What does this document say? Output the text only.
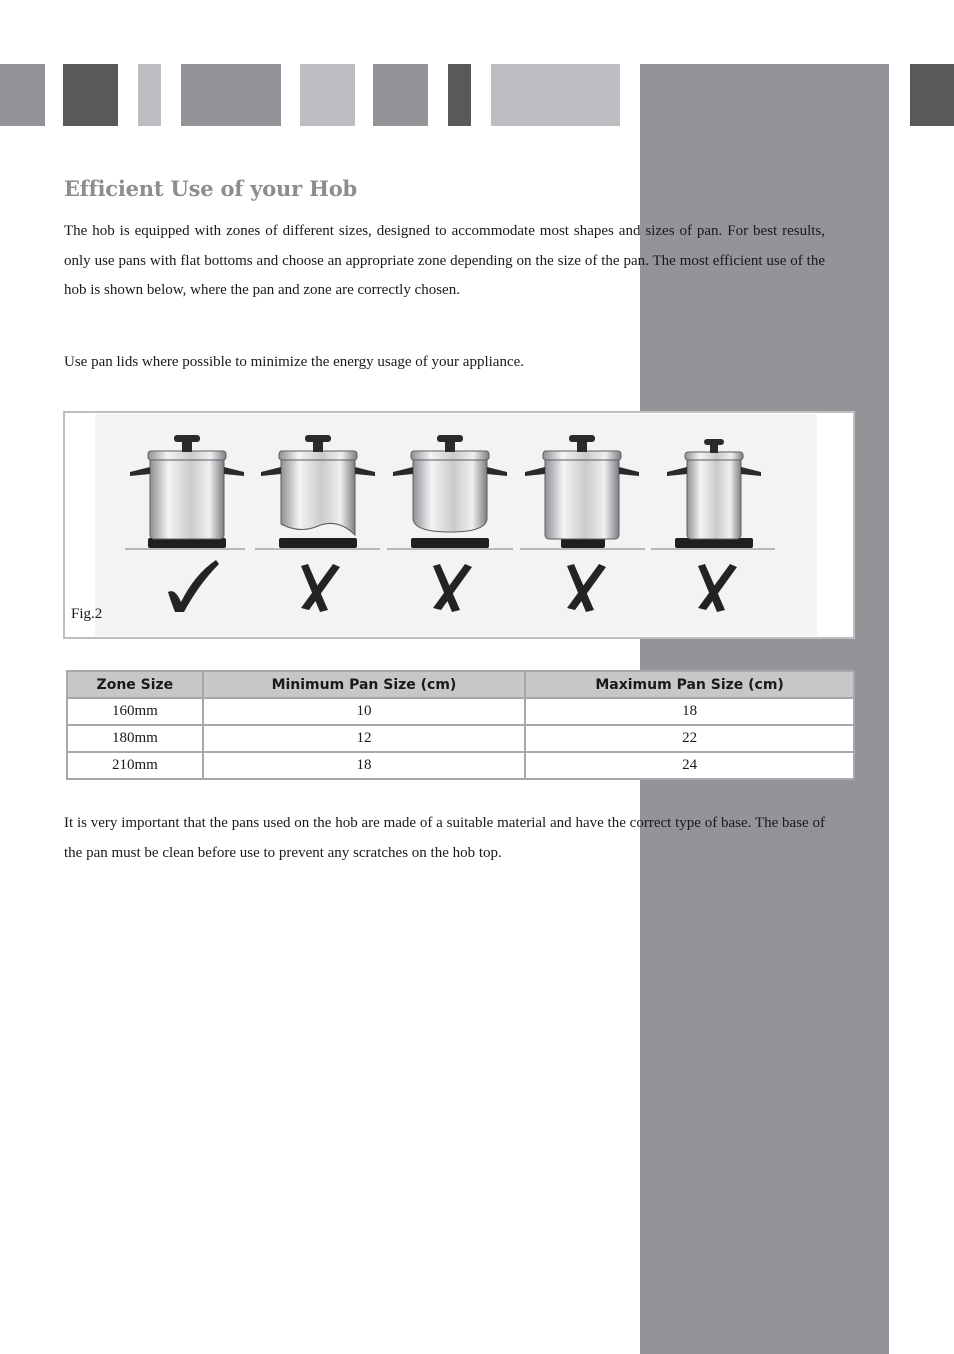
Efficient Use of your Hob

The hob is equipped with zones of different sizes, designed to accommodate most shapes and sizes of pan. For best results, only use pans with flat bottoms and choose an appropriate zone depending on the size of the pan. The most efficient use of the hob is shown below, where the pan and zone are correctly chosen.

Use pan lids where possible to minimize the energy usage of your appliance.

Fig.2
Zone Size	Minimum Pan Size (cm)	Maximum Pan Size (cm)
160mm	10	18
180mm	12	22
210mm	18	24

It is very important that the pans used on the hob are made of a suitable material and have the correct type of base. The base of the pan must be clean before use to prevent any scratches on the hob top.
